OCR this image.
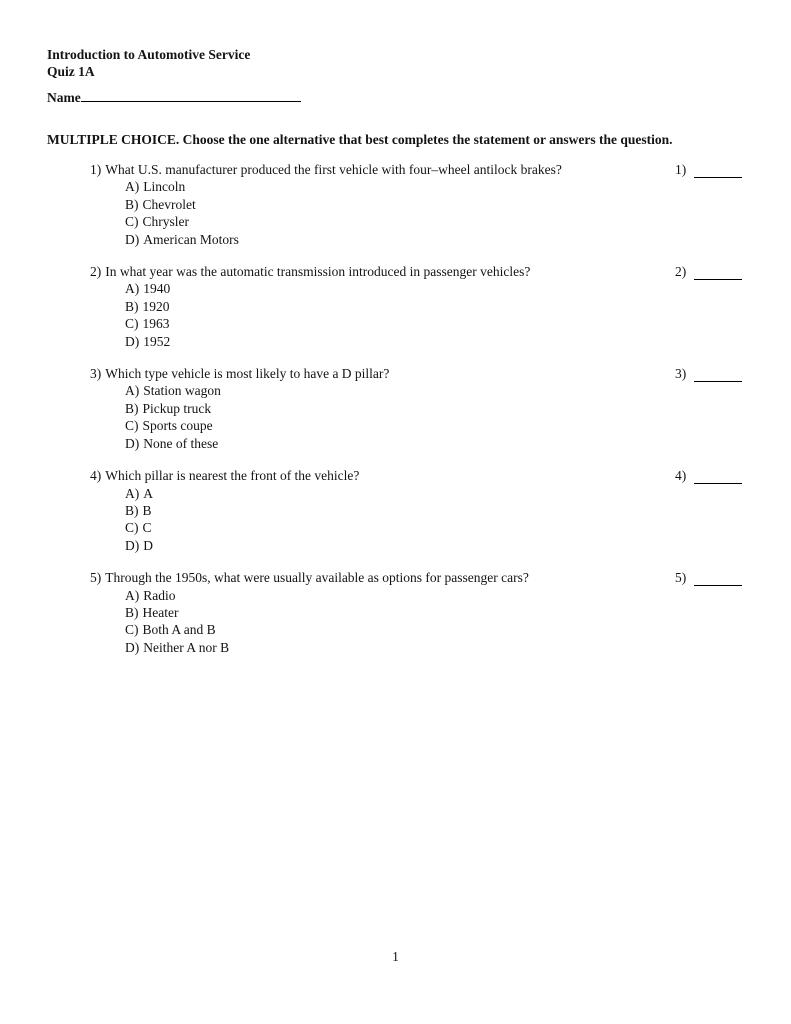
Introduction to Automotive Service
Quiz 1A
Name
MULTIPLE CHOICE. Choose the one alternative that best completes the statement or answers the question.
1) What U.S. manufacturer produced the first vehicle with four–wheel antilock brakes?
A) Lincoln
B) Chevrolet
C) Chrysler
D) American Motors
1)
2) In what year was the automatic transmission introduced in passenger vehicles?
A) 1940
B) 1920
C) 1963
D) 1952
2)
3) Which type vehicle is most likely to have a D pillar?
A) Station wagon
B) Pickup truck
C) Sports coupe
D) None of these
3)
4) Which pillar is nearest the front of the vehicle?
A) A
B) B
C) C
D) D
4)
5) Through the 1950s, what were usually available as options for passenger cars?
A) Radio
B) Heater
C) Both A and B
D) Neither A nor B
5)
1
